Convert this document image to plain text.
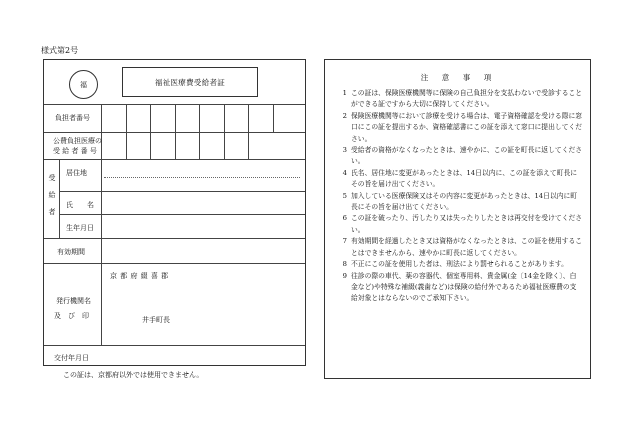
様式第2号
福	福祉医療費受給者証
負担者番号
公費負担医療の
受 給 者 番 号
受
給
者
居住地
氏　　名
生年月日
有効期間
発行機関名
及　び　印
京 都 府 綴 喜 郡
井手町長
交付年月日
この証は、京都府以外では使用できません。
注　意　事　項
1 この証は、保険医療機関等に保険の自己負担分を支払わないで受診することができる証ですから大切に保持してください。
2 保険医療機関等において診療を受ける場合は、電子資格確認を受ける際に窓口にこの証を提出するか、資格確認書にこの証を添えて窓口に提出してください。
3 受給者の資格がなくなったときは、速やかに、この証を町長に返してください。
4 氏名、居住地に変更があったときは、14日以内に、この証を添えて町長にその旨を届け出てください。
5 加入している医療保険又はその内容に変更があったときは、14日以内に町長にその旨を届け出てください。
6 この証を破ったり、汚したり又は失ったりしたときは再交付を受けてください。
7 有効期間を経過したとき又は資格がなくなったときは、この証を使用することはできませんから、速やかに町長に返してください。
8 不正にこの証を使用した者は、刑法により罰せられることがあります。
9 往診の際の車代、薬の容器代、個室専用料、貴金属(金〔14金を除く〕、白金など)や特殊な補綴(義歯など)は保険の給付外であるため福祉医療費の支給対象とはならないのでご承知下さい。
